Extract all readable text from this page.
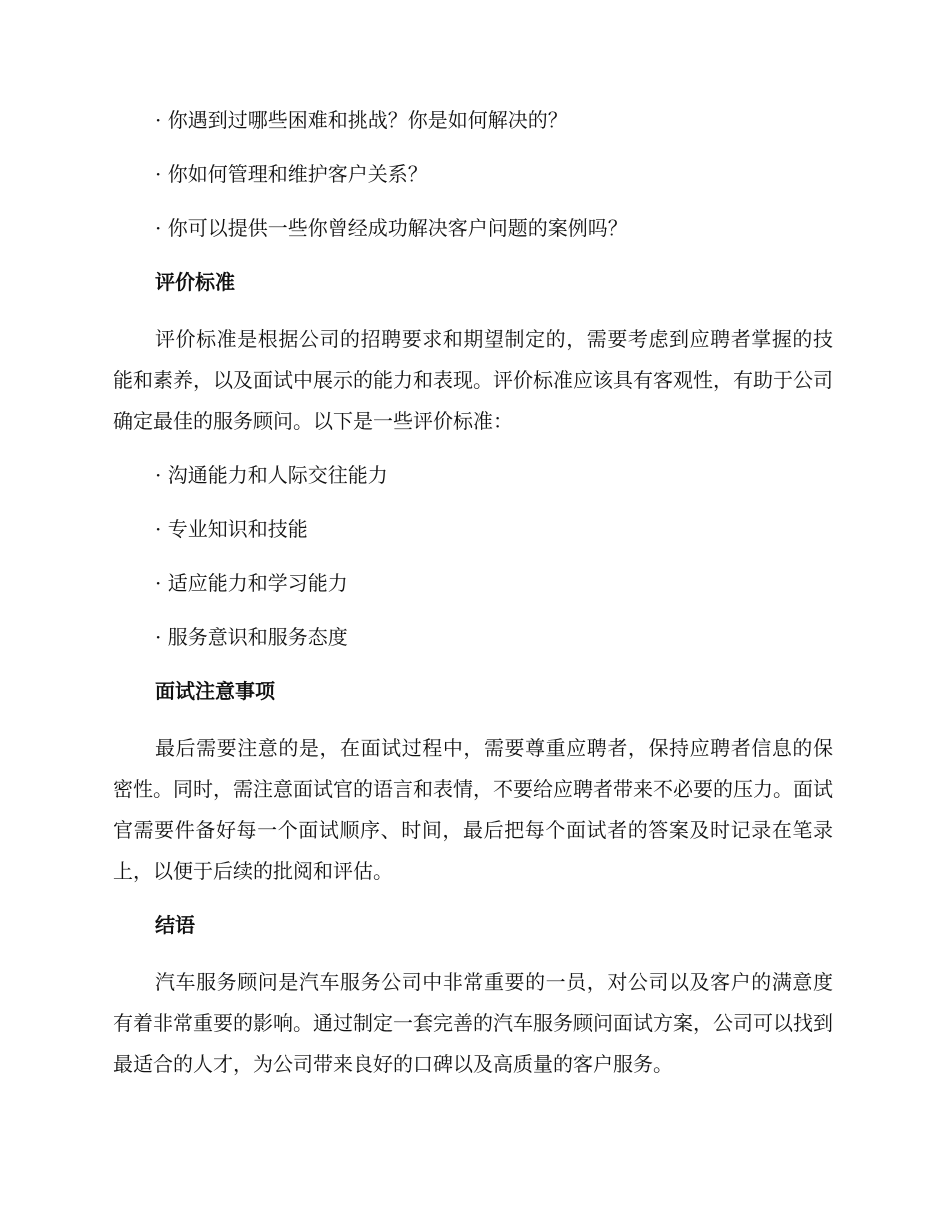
· 你遇到过哪些困难和挑战？你是如何解决的？
· 你如何管理和维护客户关系？
· 你可以提供一些你曾经成功解决客户问题的案例吗？
评价标准

评价标准是根据公司的招聘要求和期望制定的，需要考虑到应聘者掌握的技能和素养，以及面试中展示的能力和表现。评价标准应该具有客观性，有助于公司确定最佳的服务顾问。以下是一些评价标准：

· 沟通能力和人际交往能力
· 专业知识和技能
· 适应能力和学习能力
· 服务意识和服务态度
面试注意事项

最后需要注意的是，在面试过程中，需要尊重应聘者，保持应聘者信息的保密性。同时，需注意面试官的语言和表情，不要给应聘者带来不必要的压力。面试官需要件备好每一个面试顺序、时间，最后把每个面试者的答案及时记录在笔录上，以便于后续的批阅和评估。

结语

汽车服务顾问是汽车服务公司中非常重要的一员，对公司以及客户的满意度有着非常重要的影响。通过制定一套完善的汽车服务顾问面试方案，公司可以找到最适合的人才，为公司带来良好的口碑以及高质量的客户服务。
